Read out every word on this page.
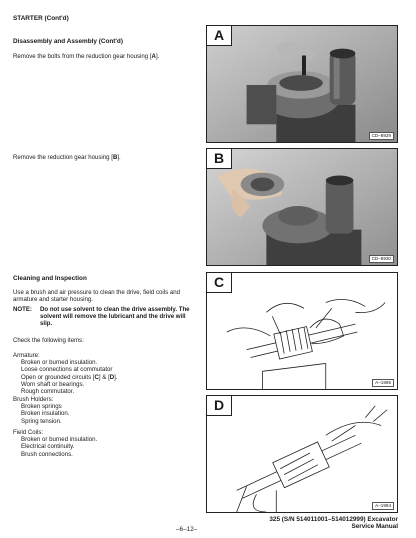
STARTER (Cont'd)
Disassembly and Assembly (Cont'd)
Remove the bolts from the reduction gear housing [A].
Remove the reduction gear housing [B].
Cleaning and Inspection
Use a brush and air pressure to clean the drive, field coils and armature and starter housing.
NOTE:	Do not use solvent to clean the drive assembly. The solvent will remove the lubricant and the drive will slip.
Check the following items:
Armature:
Broken or burned insulation.
Loose connections at commutator
Open or grounded circuits [C] & [D].
Worn shaft or bearings.
Rough commutator.
Brush Holders:
Broken springs
Broken insulation.
Spring tension.
Field Coils:
Broken or burned insulation.
Electrical continuity.
Brush connections.
A
CD–8929
B
CD–8930
C
A–1995
D
A–1994
–6–12–
325 (S/N 514011001–514012999) Excavator
Service Manual
